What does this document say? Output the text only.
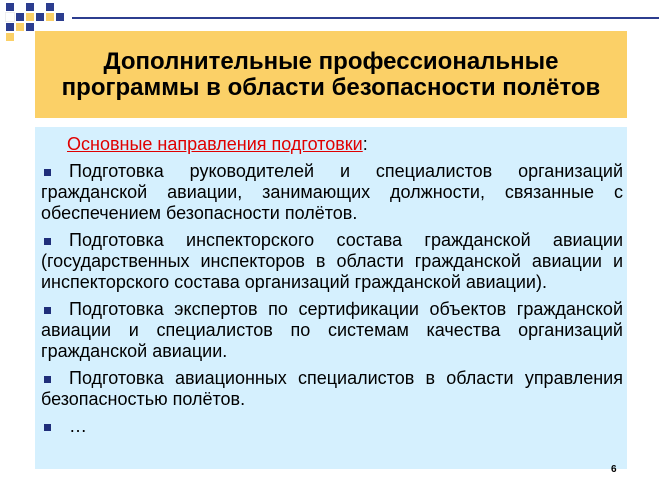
Дополнительные профессиональные программы в области безопасности полётов
Основные направления подготовки:
Подготовка руководителей и специалистов организаций гражданской авиации, занимающих должности, связанные с обеспечением безопасности полётов.
Подготовка инспекторского состава гражданской авиации (государственных инспекторов в области гражданской авиации и инспекторского состава организаций гражданской авиации).
Подготовка экспертов по сертификации объектов гражданской авиации и специалистов по системам качества организаций гражданской авиации.
Подготовка авиационных специалистов в области управления безопасностью полётов.
…
6
